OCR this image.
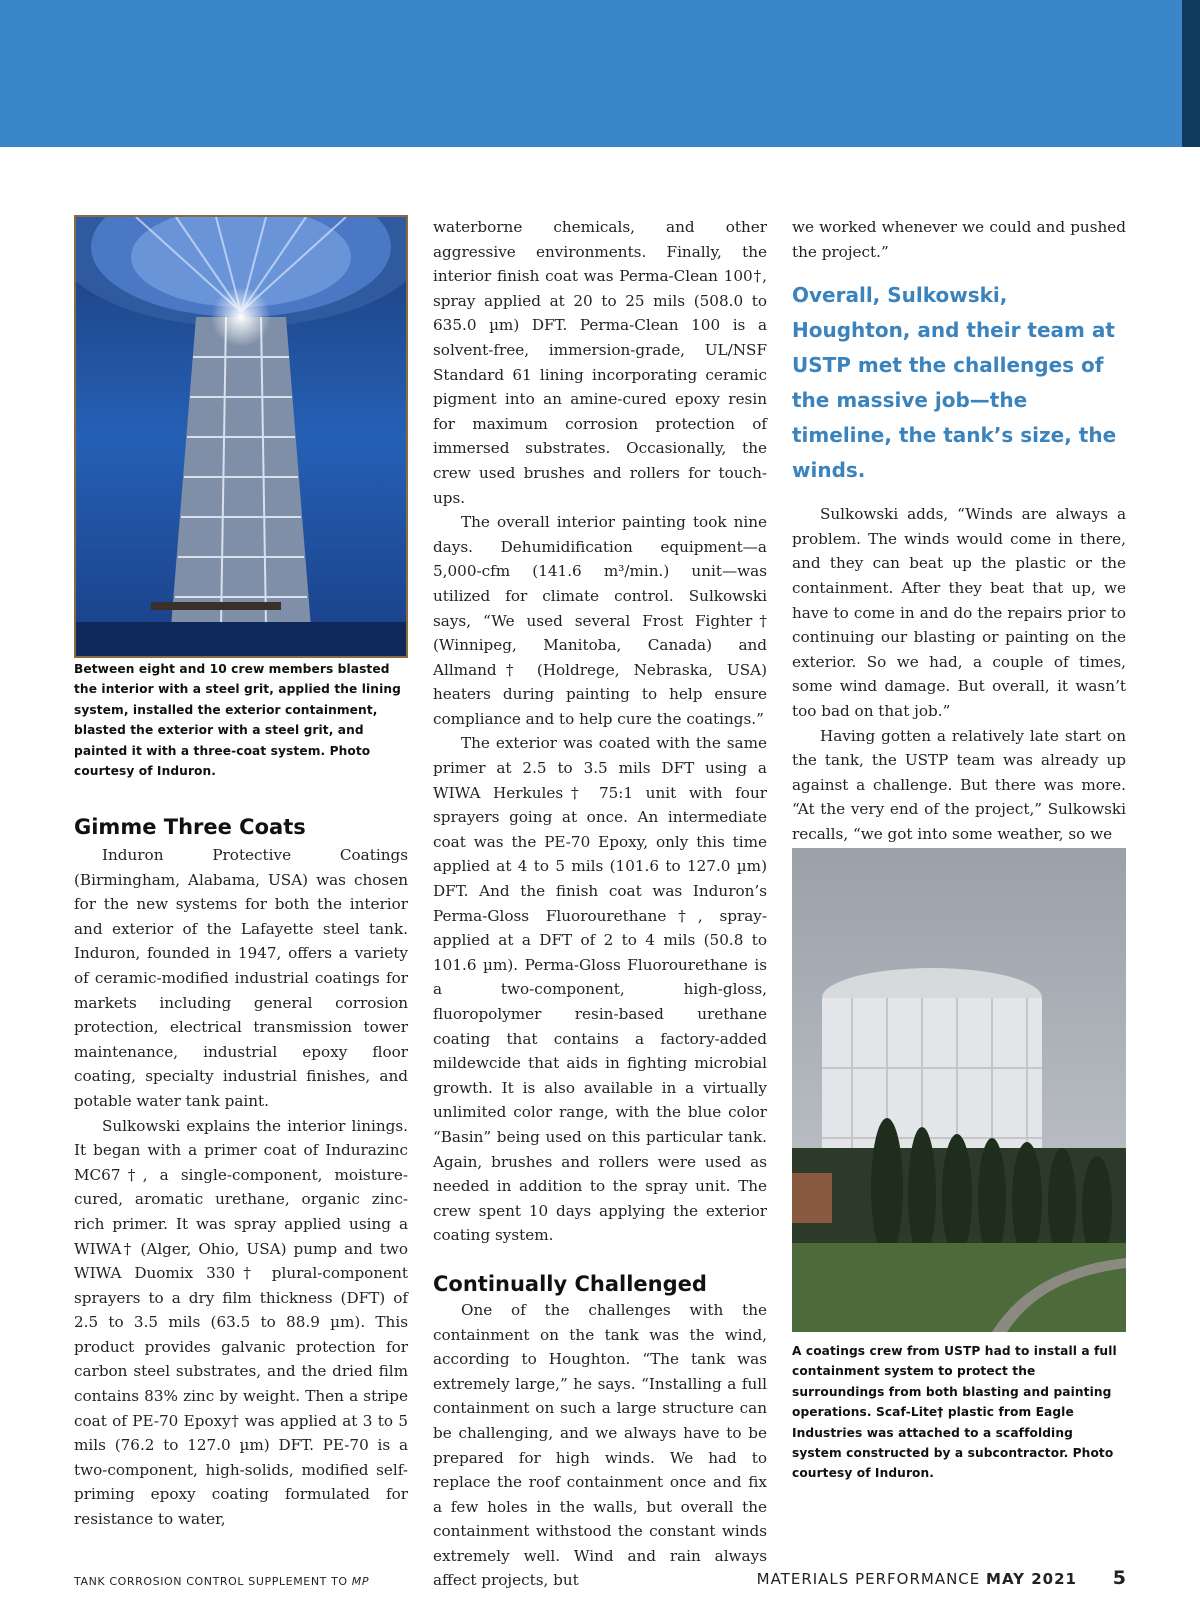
Between eight and 10 crew members blasted the interior with a steel grit, applied the lining system, installed the exterior containment, blasted the exterior with a steel grit, and painted it with a three-coat system. Photo courtesy of Induron.
Gimme Three Coats

Induron Protective Coatings (Birmingham, Alabama, USA) was chosen for the new systems for both the interior and exterior of the Lafayette steel tank. Induron, founded in 1947, offers a variety of ceramic-modified industrial coatings for markets including general corrosion protection, electrical transmission tower maintenance, industrial epoxy floor coating, specialty industrial finishes, and potable water tank paint.

Sulkowski explains the interior linings. It began with a primer coat of Indurazinc MC67†, a single-component, moisture-cured, aromatic urethane, organic zinc-rich primer. It was spray applied using a WIWA† (Alger, Ohio, USA) pump and two WIWA Duomix 330† plural-component sprayers to a dry film thickness (DFT) of 2.5 to 3.5 mils (63.5 to 88.9 µm). This product provides galvanic protection for carbon steel substrates, and the dried film contains 83% zinc by weight. Then a stripe coat of PE-70 Epoxy† was applied at 3 to 5 mils (76.2 to 127.0 µm) DFT. PE-70 is a two-component, high-solids, modified self-priming epoxy coating formulated for resistance to water,

waterborne chemicals, and other aggressive environments. Finally, the interior finish coat was Perma-Clean 100†, spray applied at 20 to 25 mils (508.0 to 635.0 µm) DFT. Perma-Clean 100 is a solvent-free, immersion-grade, UL/NSF Standard 61 lining incorporating ceramic pigment into an amine-cured epoxy resin for maximum corrosion protection of immersed substrates. Occasionally, the crew used brushes and rollers for touch-ups.

The overall interior painting took nine days. Dehumidification equipment—a 5,000-cfm (141.6 m³/min.) unit—was utilized for climate control. Sulkowski says, “We used several Frost Fighter† (Winnipeg, Manitoba, Canada) and Allmand† (Holdrege, Nebraska, USA) heaters during painting to help ensure compliance and to help cure the coatings.”

The exterior was coated with the same primer at 2.5 to 3.5 mils DFT using a WIWA Herkules† 75:1 unit with four sprayers going at once. An intermediate coat was the PE-70 Epoxy, only this time applied at 4 to 5 mils (101.6 to 127.0 µm) DFT. And the finish coat was Induron’s Perma-Gloss Fluorourethane†, spray-applied at a DFT of 2 to 4 mils (50.8 to 101.6 µm). Perma-Gloss Fluorourethane is a two-component, high-gloss, fluoropolymer resin-based urethane coating that contains a factory-added mildewcide that aids in fighting microbial growth. It is also available in a virtually unlimited color range, with the blue color “Basin” being used on this particular tank. Again, brushes and rollers were used as needed in addition to the spray unit. The crew spent 10 days applying the exterior coating system.

Continually Challenged

One of the challenges with the containment on the tank was the wind, according to Houghton. “The tank was extremely large,” he says. “Installing a full containment on such a large structure can be challenging, and we always have to be prepared for high winds. We had to replace the roof containment once and fix a few holes in the walls, but overall the containment withstood the constant winds extremely well. Wind and rain always affect projects, but

we worked whenever we could and pushed the project.”

Overall, Sulkowski, Houghton, and their team at USTP met the challenges of the massive job—the timeline, the tank’s size, the winds.

Sulkowski adds, “Winds are always a problem. The winds would come in there, and they can beat up the plastic or the containment. After they beat that up, we have to come in and do the repairs prior to continuing our blasting or painting on the exterior. So we had, a couple of times, some wind damage. But overall, it wasn’t too bad on that job.”

Having gotten a relatively late start on the tank, the USTP team was already up against a challenge. But there was more. “At the very end of the project,” Sulkowski recalls, “we got into some weather, so we

A coatings crew from USTP had to install a full containment system to protect the surroundings from both blasting and painting operations. Scaf-Lite† plastic from Eagle Industries was attached to a scaffolding system constructed by a subcontractor. Photo courtesy of Induron.
TANK CORROSION CONTROL SUPPLEMENT TO MP	MATERIALS PERFORMANCE MAY 2021 5
